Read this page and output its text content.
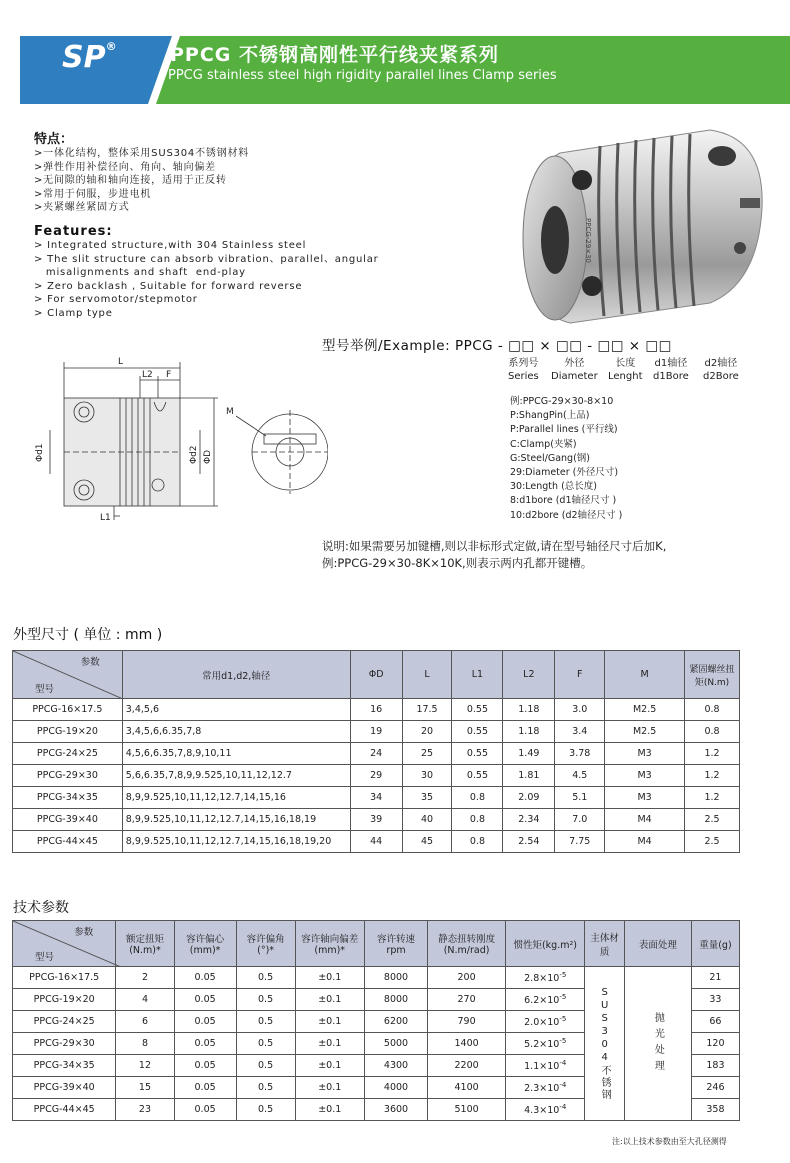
SP®	PPCG 不锈钢高刚性平行线夹紧系列
PPCG stainless steel high rigidity parallel lines Clamp series
特点：
>一体化结构，整体采用SUS304不锈钢材料
>弹性作用补偿径向、角向、轴向偏差
>无间隙的轴和轴向连接，适用于正反转
>常用于伺服，步进电机
>夹紧螺丝紧固方式
Features:
> Integrated structure,with 304 Stainless steel
> The slit structure can absorb vibration、parallel、angular
misalignments and shaft  end-play
> Zero backlash , Suitable for forward reverse
> For servomotor/stepmotor
> Clamp type
PPCG-29×30
L
L2 F
Φd1	Φd2 ΦD
L1
M
型号举例/Example: PPCG - □□ × □□ - □□ × □□
系列号
Series
外径
Diameter
长度
Lenght
d1轴径
d1Bore
d2轴径
d2Bore
例:PPCG-29×30-8×10
P:ShangPin(上品)
P:Parallel lines (平行线)
C:Clamp(夹紧)
G:Steel/Gang(钢)
29:Diameter (外径尺寸)
30:Length (总长度)
8:d1bore (d1轴径尺寸 )
10:d2bore (d2轴径尺寸 )
说明:如果需要另加键槽,则以非标形式定做,请在型号轴径尺寸后加K,
例:PPCG-29×30-8K×10K,则表示两内孔都开键槽。
外型尺寸 ( 单位 : mm )
参数
型号	常用d1,d2,轴径	ΦD	L	L1	L2	F	M	紧固螺丝扭矩(N.m)
PPCG-16×17.5	3,4,5,6	16	17.5	0.55	1.18	3.0	M2.5	0.8
PPCG-19×20	3,4,5,6,6.35,7,8	19	20	0.55	1.18	3.4	M2.5	0.8
PPCG-24×25	4,5,6,6.35,7,8,9,10,11	24	25	0.55	1.49	3.78	M3	1.2
PPCG-29×30	5,6,6.35,7,8,9,9.525,10,11,12,12.7	29	30	0.55	1.81	4.5	M3	1.2
PPCG-34×35	8,9,9.525,10,11,12,12.7,14,15,16	34	35	0.8	2.09	5.1	M3	1.2
PPCG-39×40	8,9,9.525,10,11,12,12.7,14,15,16,18,19	39	40	0.8	2.34	7.0	M4	2.5
PPCG-44×45	8,9,9.525,10,11,12,12.7,14,15,16,18,19,20	44	45	0.8	2.54	7.75	M4	2.5
技术参数
参数
型号	额定扭矩(N.m)*	容许偏心(mm)*	容许偏角(°)*	容许轴向偏差(mm)*	容许转速rpm	静态扭转刚度(N.m/rad)	惯性矩(kg.m²)	主体材质	表面处理	重量(g)
PPCG-16×17.5	2	0.05	0.5	±0.1	8000	200	$2.8\times 10^{-5}$	SUS304不锈钢	抛光处理	21
PPCG-19×20	4	0.05	0.5	±0.1	8000	270	$6.2\times 10^{-5}$			33
PPCG-24×25	6	0.05	0.5	±0.1	6200	790	$2.0\times 10^{-5}$			66
PPCG-29×30	8	0.05	0.5	±0.1	5000	1400	$5.2\times 10^{-5}$			120
PPCG-34×35	12	0.05	0.5	±0.1	4300	2200	$1.1\times 10^{-4}$			183
PPCG-39×40	15	0.05	0.5	±0.1	4000	4100	$2.3\times 10^{-4}$			246
PPCG-44×45	23	0.05	0.5	±0.1	3600	5100	$4.3\times 10^{-4}$			358
注:以上技术参数由至大孔径测得
